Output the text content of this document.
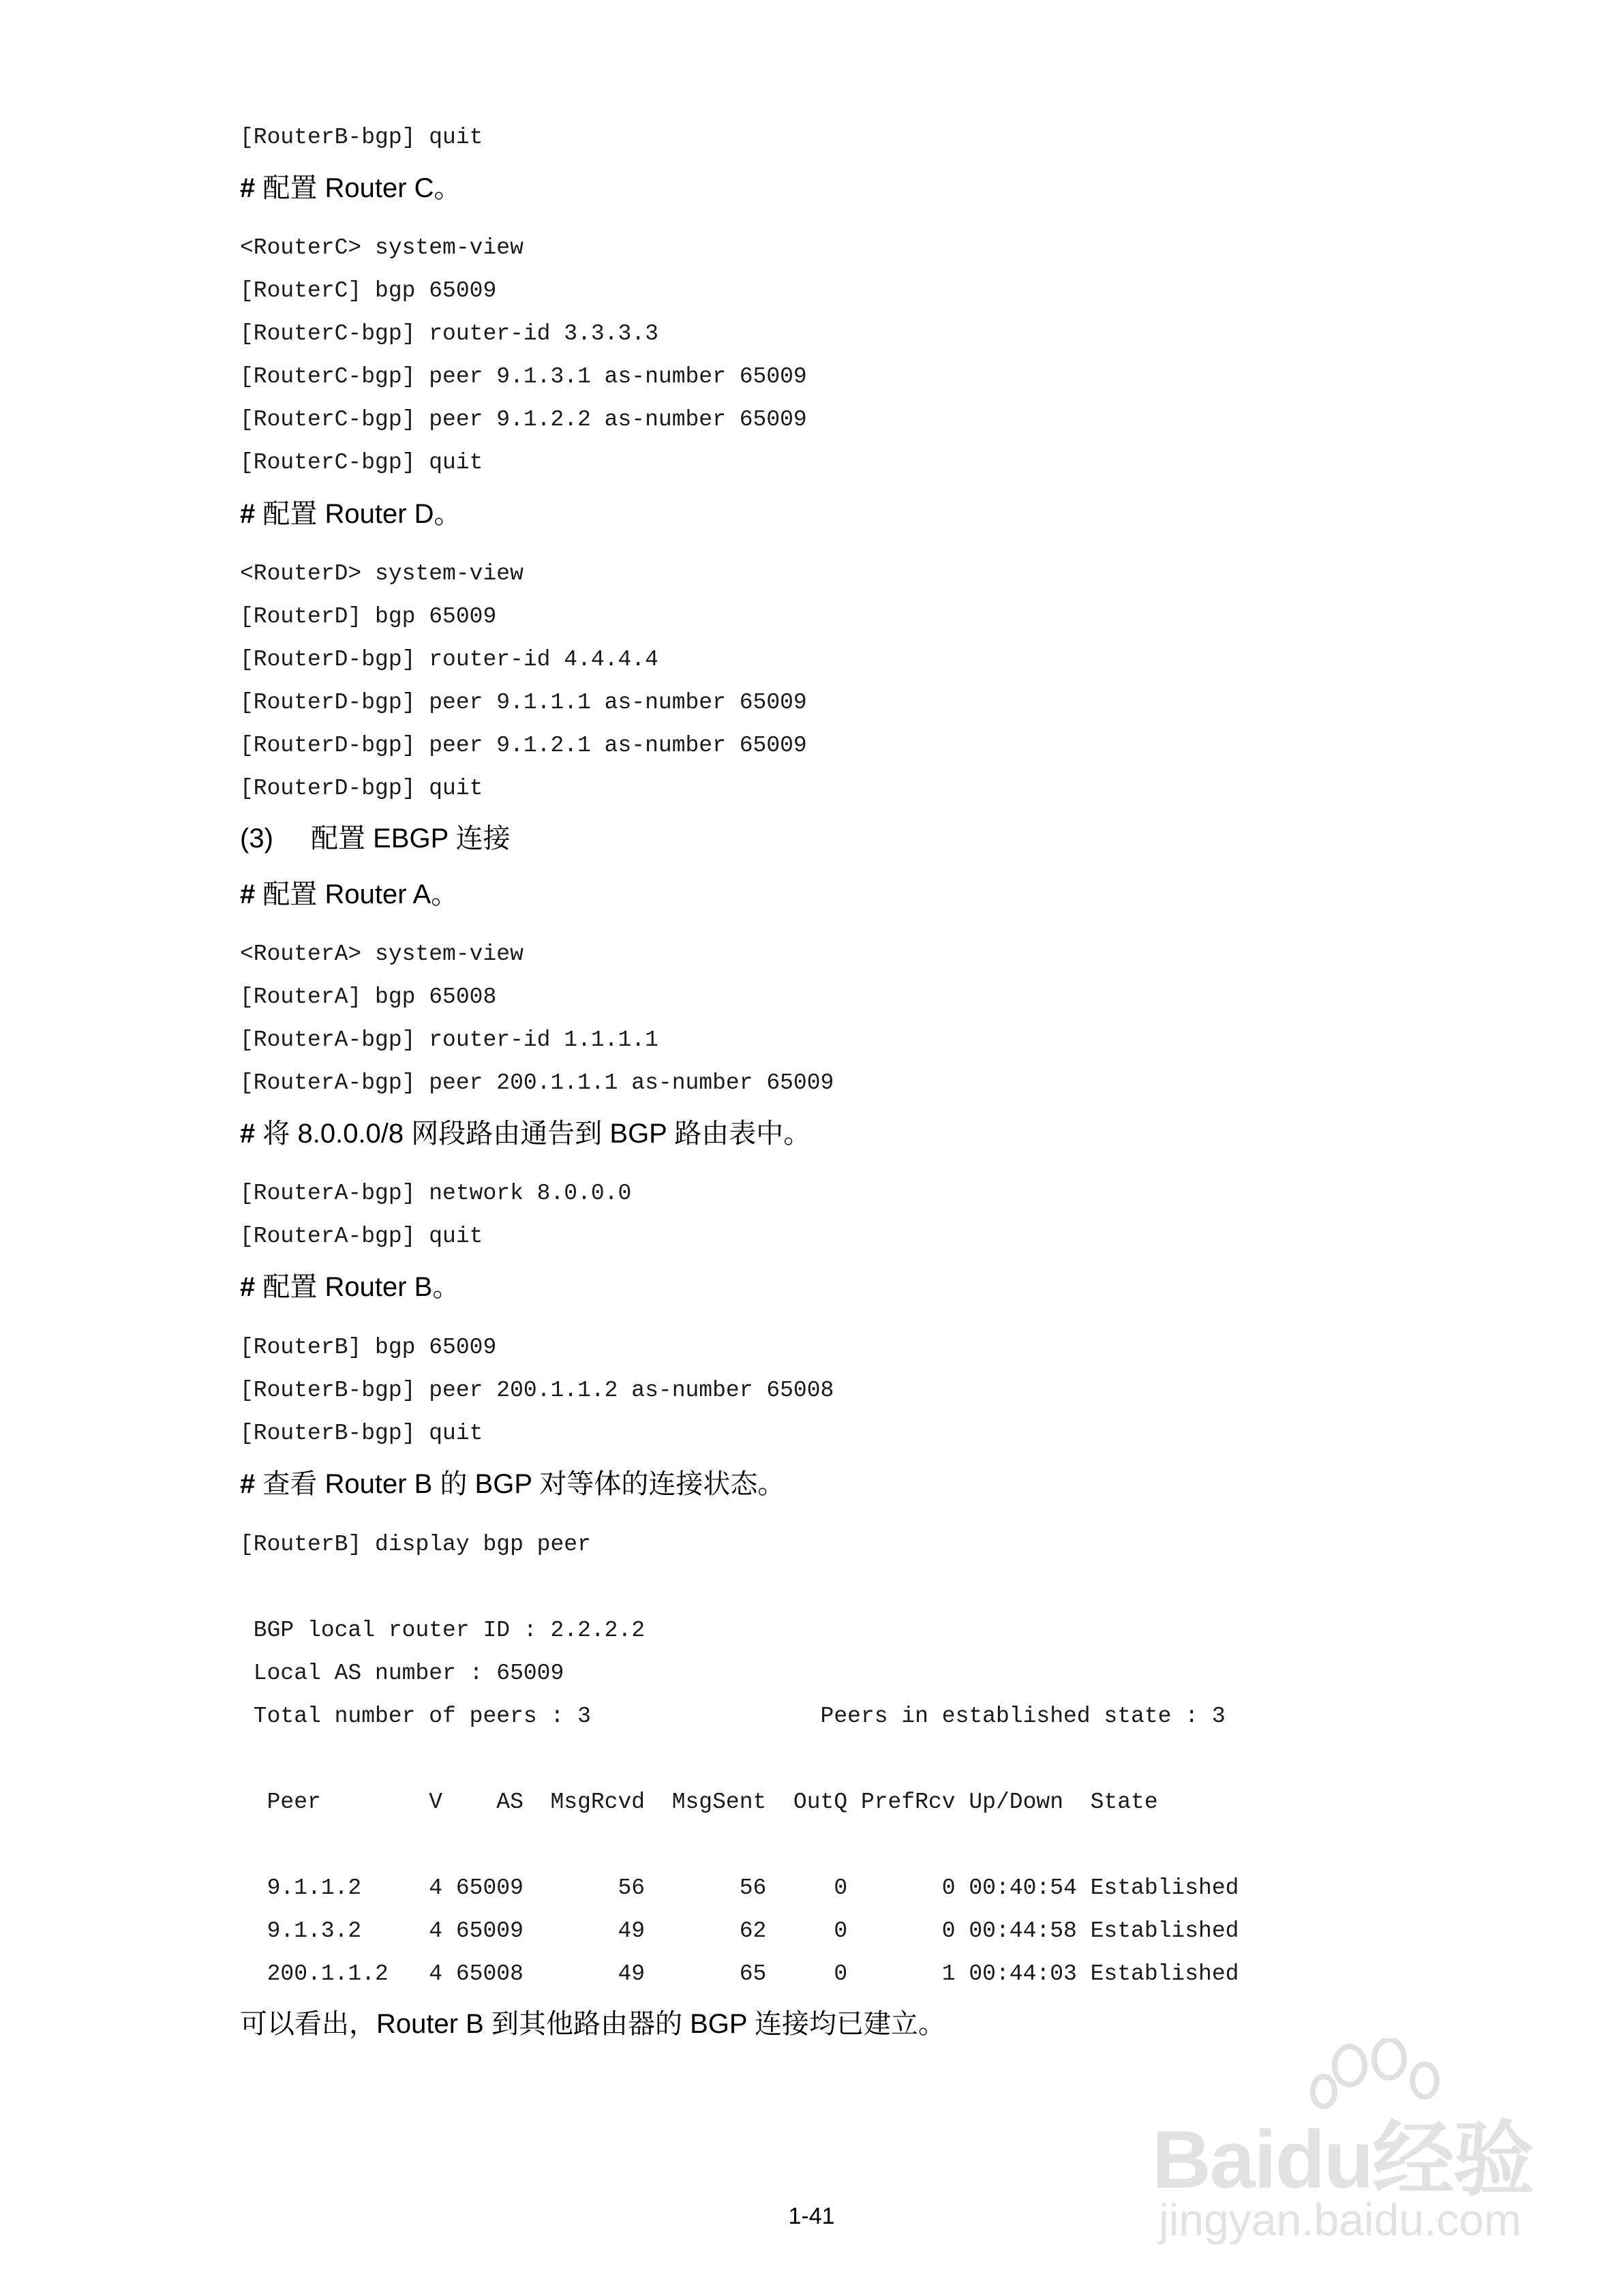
[RouterB-bgp] quit
# 配置 Router C。
<RouterC> system-view
[RouterC] bgp 65009
[RouterC-bgp] router-id 3.3.3.3
[RouterC-bgp] peer 9.1.3.1 as-number 65009
[RouterC-bgp] peer 9.1.2.2 as-number 65009
[RouterC-bgp] quit
# 配置 Router D。
<RouterD> system-view
[RouterD] bgp 65009
[RouterD-bgp] router-id 4.4.4.4
[RouterD-bgp] peer 9.1.1.1 as-number 65009
[RouterD-bgp] peer 9.1.2.1 as-number 65009
[RouterD-bgp] quit
(3) 配置 EBGP 连接
# 配置 Router A。
<RouterA> system-view
[RouterA] bgp 65008
[RouterA-bgp] router-id 1.1.1.1
[RouterA-bgp] peer 200.1.1.1 as-number 65009
# 将 8.0.0.0/8 网段路由通告到 BGP 路由表中。
[RouterA-bgp] network 8.0.0.0
[RouterA-bgp] quit
# 配置 Router B。
[RouterB] bgp 65009
[RouterB-bgp] peer 200.1.1.2 as-number 65008
[RouterB-bgp] quit
# 查看 Router B 的 BGP 对等体的连接状态。
[RouterB] display bgp peer
BGP local router ID : 2.2.2.2
Local AS number : 65009
Total number of peers : 3                 Peers in established state : 3
Peer        V    AS  MsgRcvd  MsgSent  OutQ PrefRcv Up/Down  State
9.1.1.2     4 65009       56       56     0       0 00:40:54 Established
9.1.3.2     4 65009       49       62     0       0 00:44:58 Established
200.1.1.2   4 65008       49       65     0       1 00:44:03 Established
可以看出，Router B 到其他路由器的 BGP 连接均已建立。
Baidu经验
jingyan.baidu.com
1-41
